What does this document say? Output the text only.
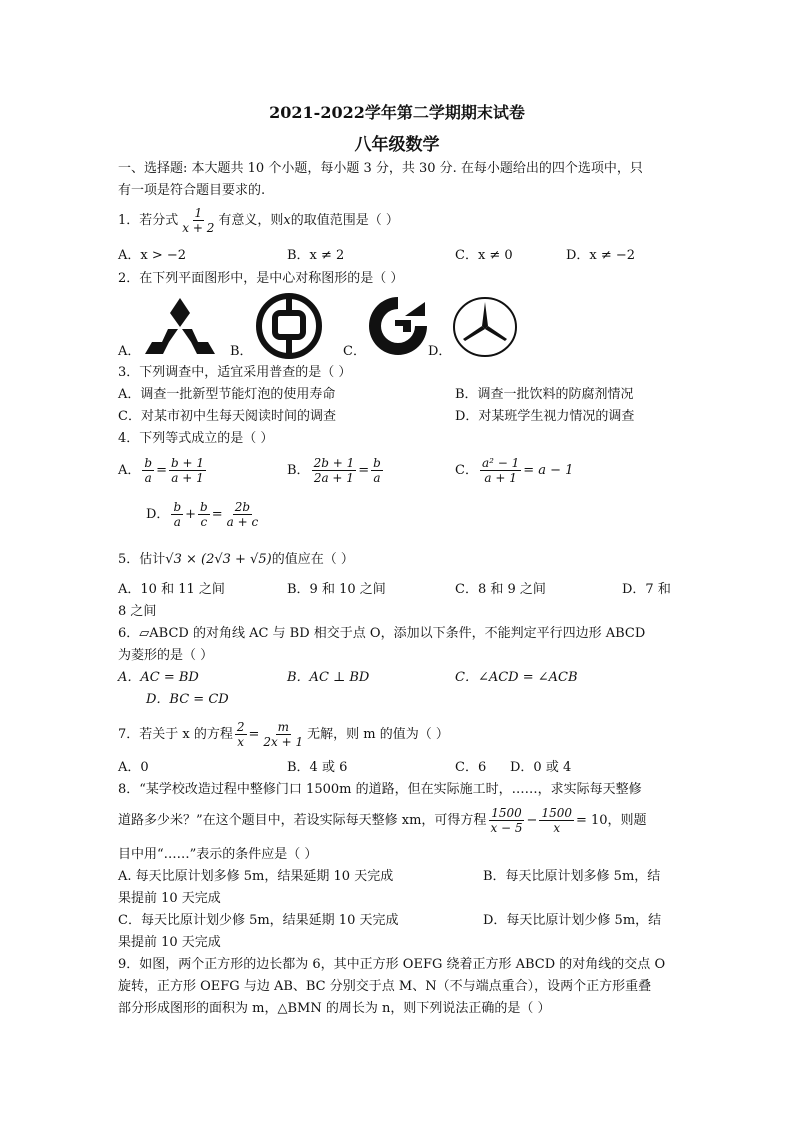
2021-2022学年第二学期期末试卷
八年级数学
一、选择题: 本大题共 10 个小题，每小题 3 分，共 30 分. 在每小题给出的四个选项中，只
有一项是符合题目要求的.
1．若分式 $\frac{1}{x + 2}$ 有意义，则x的取值范围是（ ）
A．x > −2	B．x ≠ 2	C．x ≠ 0	D．x ≠ −2
2．在下列平面图形中，是中心对称图形的是（ ）
A．	B．	C．	D．
3．下列调查中，适宜采用普查的是（ ）
A．调查一批新型节能灯泡的使用寿命	B．调查一批饮料的防腐剂情况
C．对某市初中生每天阅读时间的调查	D．对某班学生视力情况的调查
4．下列等式成立的是（ ）
A． $\frac{b}{a} = \frac{b + 1}{a + 1}$	B． $\frac{2b + 1}{2a + 1} = \frac{b}{a}$	C． $\frac{\text{a² − 1}}{a + 1} = a - 1$
D． $\frac{b}{a} + \frac{b}{c} = \frac{2b}{a + c}$
5．估计√3 × (2√3 + √5)的值应在（ ）
A．10 和 11 之间	B．9 和 10 之间	C．8 和 9 之间	D．7 和
8 之间
6．▱ABCD 的对角线 AC 与 BD 相交于点 O，添加以下条件，不能判定平行四边形 ABCD
为菱形的是（ ）
A．AC = BD	B．AC ⊥ BD	C．∠ACD = ∠ACB
D．BC = CD
7．若关于 x 的方程 $\frac{2}{x} = \frac{m}{2x + 1}$ 无解，则 m 的值为（ ）
A．0	B．4 或 6	C．6 D．0 或 4
8．“某学校改造过程中整修门口 1500m 的道路，但在实际施工时，……，求实际每天整修
道路多少米？”在这个题目中，若设实际每天整修 xm，可得方程 $\frac{1500}{x - 5} - \frac{1500}{x} = 10$，则题
目中用“……”表示的条件应是（ ）
A. 每天比原计划多修 5m，结果延期 10 天完成	B．每天比原计划多修 5m，结
果提前 10 天完成
C．每天比原计划少修 5m，结果延期 10 天完成	D．每天比原计划少修 5m，结
果提前 10 天完成
9．如图，两个正方形的边长都为 6，其中正方形 OEFG 绕着正方形 ABCD 的对角线的交点 O
旋转，正方形 OEFG 与边 AB、BC 分别交于点 M、N（不与端点重合），设两个正方形重叠
部分形成图形的面积为 m，△BMN 的周长为 n，则下列说法正确的是（ ）
